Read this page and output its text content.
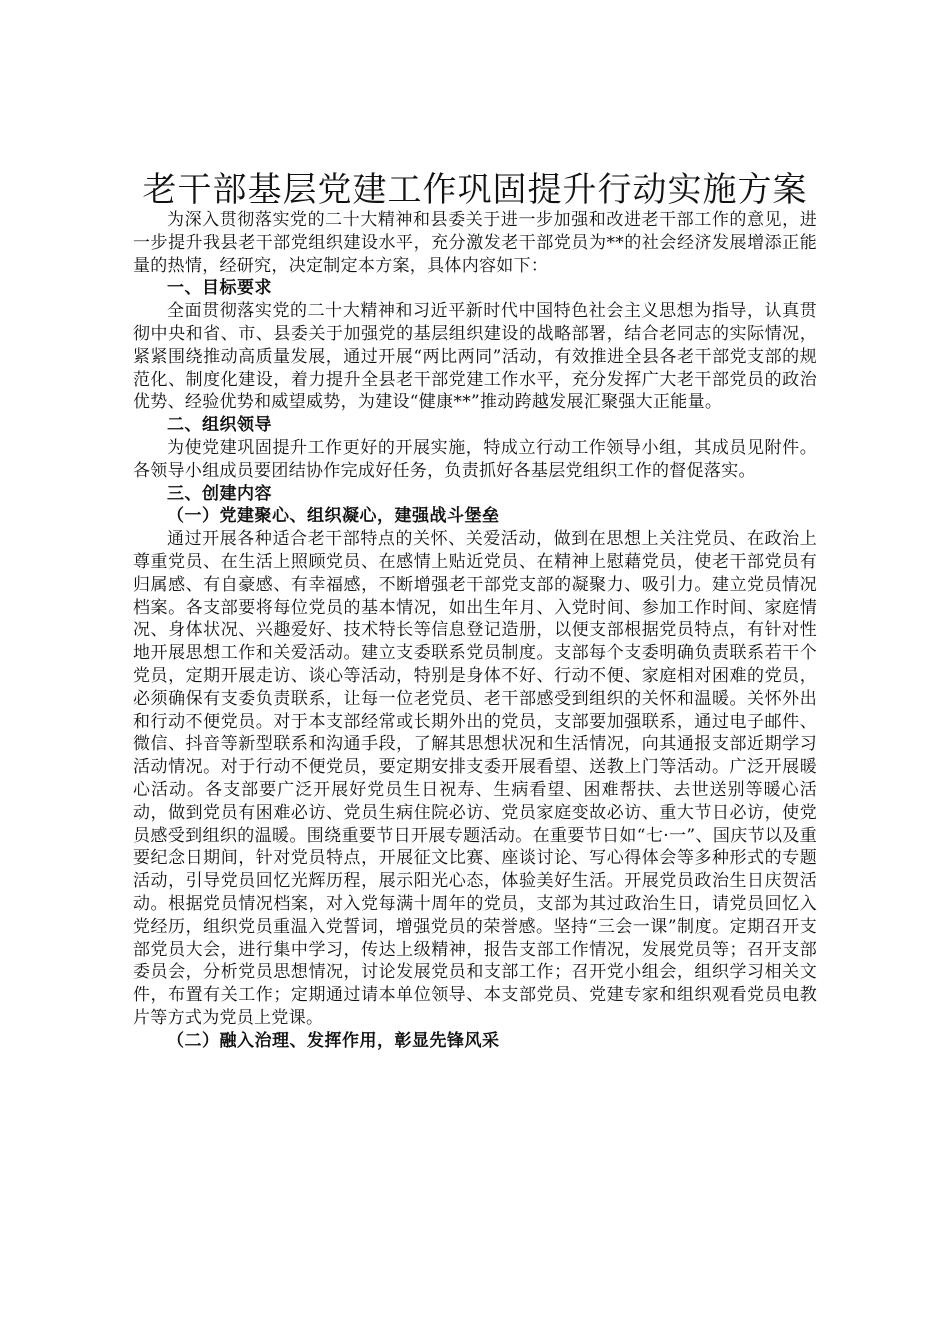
老干部基层党建工作巩固提升行动实施方案

为深入贯彻落实党的二十大精神和县委关于进一步加强和改进老干部工作的意见，进一步提升我县老干部党组织建设水平，充分激发老干部党员为**的社会经济发展增添正能量的热情，经研究，决定制定本方案，具体内容如下：

一、目标要求

全面贯彻落实党的二十大精神和习近平新时代中国特色社会主义思想为指导，认真贯彻中央和省、市、县委关于加强党的基层组织建设的战略部署，结合老同志的实际情况，紧紧围绕推动高质量发展，通过开展“两比两同”活动，有效推进全县各老干部党支部的规范化、制度化建设，着力提升全县老干部党建工作水平，充分发挥广大老干部党员的政治优势、经验优势和威望威势，为建设“健康**”推动跨越发展汇聚强大正能量。

二、组织领导

为使党建巩固提升工作更好的开展实施，特成立行动工作领导小组，其成员见附件。各领导小组成员要团结协作完成好任务，负责抓好各基层党组织工作的督促落实。

三、创建内容

（一）党建聚心、组织凝心，建强战斗堡垒

通过开展各种适合老干部特点的关怀、关爱活动，做到在思想上关注党员、在政治上尊重党员、在生活上照顾党员、在感情上贴近党员、在精神上慰藉党员，使老干部党员有归属感、有自豪感、有幸福感，不断增强老干部党支部的凝聚力、吸引力。建立党员情况档案。各支部要将每位党员的基本情况，如出生年月、入党时间、参加工作时间、家庭情况、身体状况、兴趣爱好、技术特长等信息登记造册，以便支部根据党员特点，有针对性地开展思想工作和关爱活动。建立支委联系党员制度。支部每个支委明确负责联系若干个党员，定期开展走访、谈心等活动，特别是身体不好、行动不便、家庭相对困难的党员，必须确保有支委负责联系，让每一位老党员、老干部感受到组织的关怀和温暖。关怀外出和行动不便党员。对于本支部经常或长期外出的党员，支部要加强联系，通过电子邮件、微信、抖音等新型联系和沟通手段，了解其思想状况和生活情况，向其通报支部近期学习活动情况。对于行动不便党员，要定期安排支委开展看望、送教上门等活动。广泛开展暖心活动。各支部要广泛开展好党员生日祝寿、生病看望、困难帮扶、去世送别等暖心活动，做到党员有困难必访、党员生病住院必访、党员家庭变故必访、重大节日必访，使党员感受到组织的温暖。围绕重要节日开展专题活动。在重要节日如“七·一”、国庆节以及重要纪念日期间，针对党员特点，开展征文比赛、座谈讨论、写心得体会等多种形式的专题活动，引导党员回忆光辉历程，展示阳光心态，体验美好生活。开展党员政治生日庆贺活动。根据党员情况档案，对入党每满十周年的党员，支部为其过政治生日，请党员回忆入党经历，组织党员重温入党誓词，增强党员的荣誉感。坚持“三会一课”制度。定期召开支部党员大会，进行集中学习，传达上级精神，报告支部工作情况，发展党员等；召开支部委员会，分析党员思想情况，讨论发展党员和支部工作；召开党小组会，组织学习相关文件，布置有关工作；定期通过请本单位领导、本支部党员、党建专家和组织观看党员电教片等方式为党员上党课。

（二）融入治理、发挥作用，彰显先锋风采
